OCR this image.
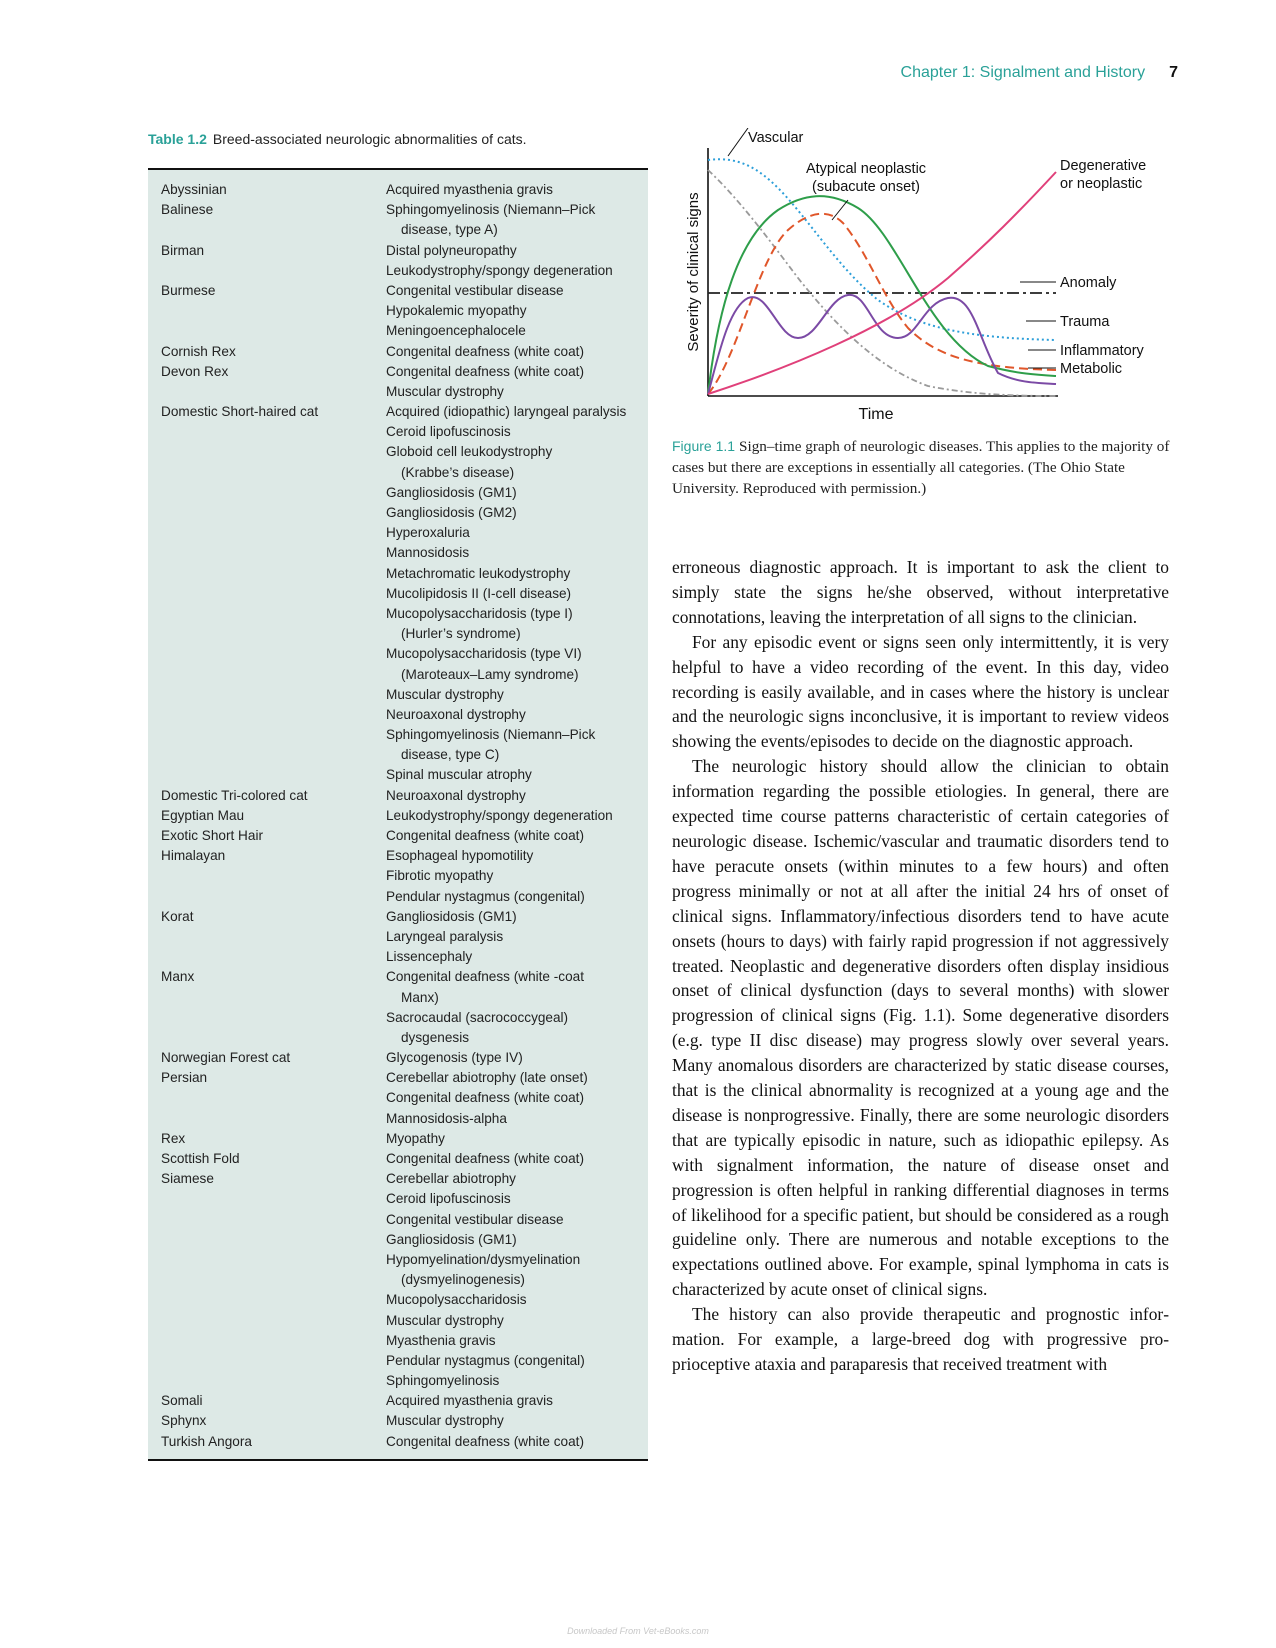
Chapter 1: Signalment and History 7
Table 1.2 Breed-associated neurologic abnormalities of cats.
Abyssinian	Acquired myasthenia gravis
Balinese	Sphingomyelinosis (Niemann–Pick
disease, type A)
Birman	Distal polyneuropathy
Leukodystrophy/spongy degeneration
Burmese	Congenital vestibular disease
Hypokalemic myopathy
Meningoencephalocele
Cornish Rex	Congenital deafness (white coat)
Devon Rex	Congenital deafness (white coat)
Muscular dystrophy
Domestic Short-haired cat	Acquired (idiopathic) laryngeal paralysis
Ceroid lipofuscinosis
Globoid cell leukodystrophy
(Krabbe’s disease)
Gangliosidosis (GM1)
Gangliosidosis (GM2)
Hyperoxaluria
Mannosidosis
Metachromatic leukodystrophy
Mucolipidosis II (I-cell disease)
Mucopolysaccharidosis (type I)
(Hurler’s syndrome)
Mucopolysaccharidosis (type VI)
(Maroteaux–Lamy syndrome)
Muscular dystrophy
Neuroaxonal dystrophy
Sphingomyelinosis (Niemann–Pick
disease, type C)
Spinal muscular atrophy
Domestic Tri-colored cat	Neuroaxonal dystrophy
Egyptian Mau	Leukodystrophy/spongy degeneration
Exotic Short Hair	Congenital deafness (white coat)
Himalayan	Esophageal hypomotility
Fibrotic myopathy
Pendular nystagmus (congenital)
Korat	Gangliosidosis (GM1)
Laryngeal paralysis
Lissencephaly
Manx	Congenital deafness (white -coat
Manx)
Sacrocaudal (sacrococcygeal)
dysgenesis
Norwegian Forest cat	Glycogenosis (type IV)
Persian	Cerebellar abiotrophy (late onset)
Congenital deafness (white coat)
Mannosidosis-alpha
Rex	Myopathy
Scottish Fold	Congenital deafness (white coat)
Siamese	Cerebellar abiotrophy
Ceroid lipofuscinosis
Congenital vestibular disease
Gangliosidosis (GM1)
Hypomyelination/dysmyelination
(dysmyelinogenesis)
Mucopolysaccharidosis
Muscular dystrophy
Myasthenia gravis
Pendular nystagmus (congenital)
Sphingomyelinosis
Somali	Acquired myasthenia gravis
Sphynx	Muscular dystrophy
Turkish Angora	Congenital deafness (white coat)
Severity of clinical signs
Time
Vascular
Atypical neoplastic
(subacute onset)
Degenerative
or neoplastic
Anomaly
Trauma
Inflammatory
Metabolic
Figure 1.1 Sign–time graph of neurologic diseases. This applies to the majority of cases but there are exceptions in essentially all categories. (The Ohio State University. Reproduced with permission.)

erroneous diagnostic approach. It is important to ask the client to simply state the signs he/she observed, without interpretative connotations, leaving the interpretation of all signs to the clinician.

For any episodic event or signs seen only intermittently, it is very helpful to have a video recording of the event. In this day, video recording is easily available, and in cases where the history is unclear and the neurologic signs inconclusive, it is important to review videos showing the events/episodes to decide on the diagnostic approach.

The neurologic history should allow the clinician to obtain information regarding the possible etiologies. In general, there are expected time course patterns characteristic of certain categories of neurologic disease. Ischemic/vascular and traumatic disorders tend to have peracute onsets (within minutes to a few hours) and often progress minimally or not at all after the initial 24 hrs of onset of clinical signs. Inflammatory/infectious disorders tend to have acute onsets (hours to days) with fairly rapid progression if not aggressively treated. Neoplastic and degenerative disorders often display insidious onset of clinical dysfunction (days to several months) with slower progression of clinical signs (Fig. 1.1). Some degenerative disorders (e.g. type II disc disease) may progress slowly over several years. Many anomalous disorders are characterized by static disease courses, that is the clinical abnormality is recognized at a young age and the disease is nonprogressive. Finally, there are some neurologic disorders that are typically episodic in nature, such as idiopathic epilepsy. As with signalment information, the nature of disease onset and progression is often helpful in ranking differential diagnoses in terms of likelihood for a specific patient, but should be considered as a rough guideline only. There are numerous and notable exceptions to the expectations outlined above. For example, spinal lymphoma in cats is characterized by acute onset of clinical signs.

The history can also provide therapeutic and prognostic information. For example, a large-breed dog with progressive proprioceptive ataxia and paraparesis that received treatment with

Downloaded From Vet-eBooks.com
